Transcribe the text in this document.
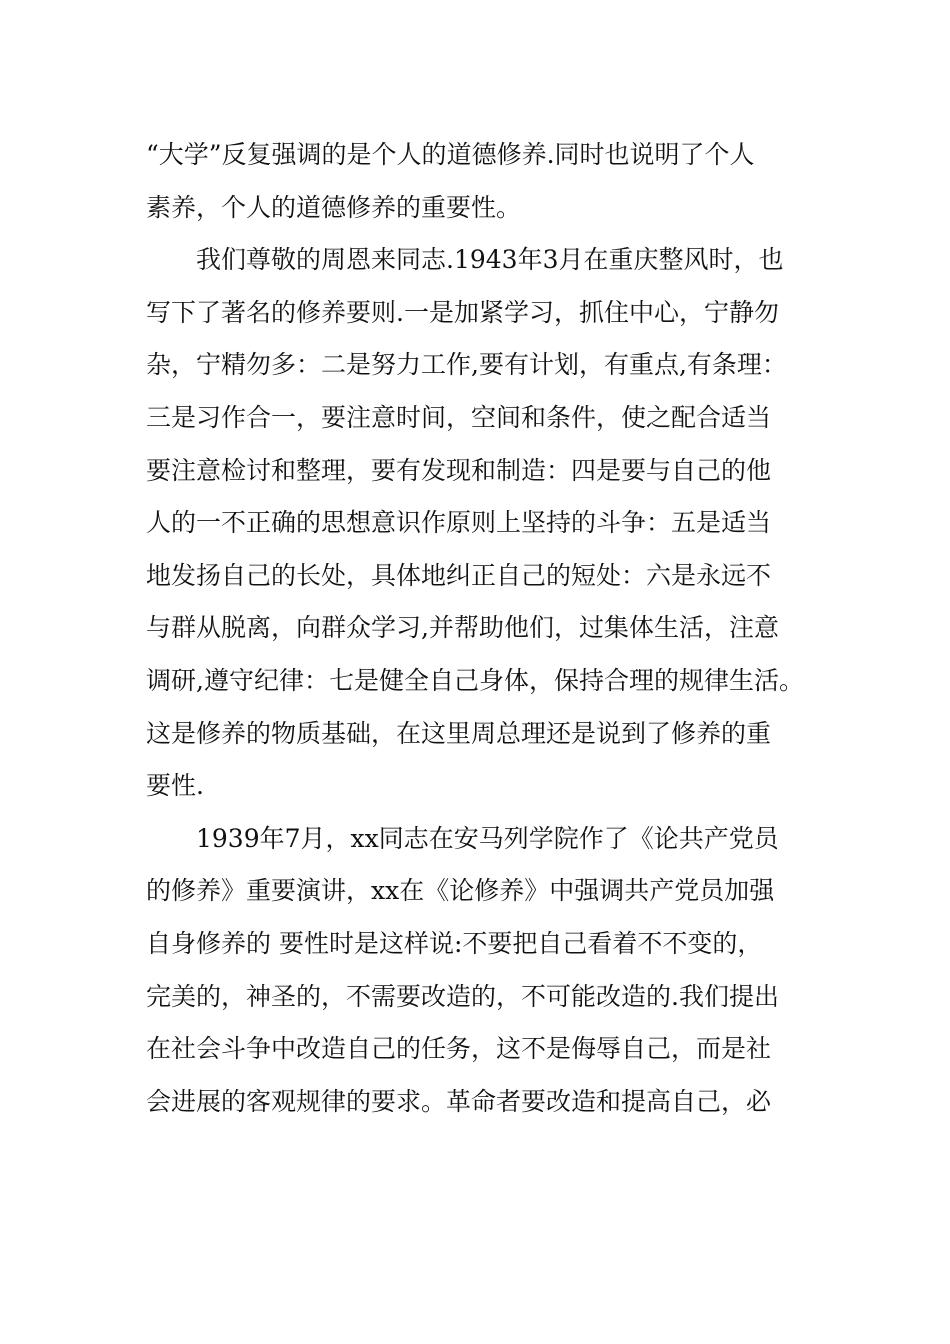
“大学”反复强调的是个人的道德修养.同时也说明了个人
素养，个人的道德修养的重要性。
我们尊敬的周恩来同志.1943年3月在重庆整风时，也
写下了著名的修养要则.一是加紧学习，抓住中心，宁静勿
杂，宁精勿多：二是努力工作,要有计划，有重点,有条理：
三是习作合一，要注意时间，空间和条件，使之配合适当
要注意检讨和整理，要有发现和制造：四是要与自己的他
人的一不正确的思想意识作原则上坚持的斗争：五是适当
地发扬自己的长处，具体地纠正自己的短处：六是永远不
与群从脱离，向群众学习,并帮助他们，过集体生活，注意
调研,遵守纪律：七是健全自己身体，保持合理的规律生活。
这是修养的物质基础，在这里周总理还是说到了修养的重
要性.
1939年7月，xx同志在安马列学院作了《论共产党员
的修养》重要演讲，xx在《论修养》中强调共产党员加强
自身修养的 要性时是这样说:不要把自己看着不不变的，
完美的，神圣的，不需要改造的，不可能改造的.我们提出
在社会斗争中改造自己的任务，这不是侮辱自己，而是社
会进展的客观规律的要求。革命者要改造和提高自己，必
